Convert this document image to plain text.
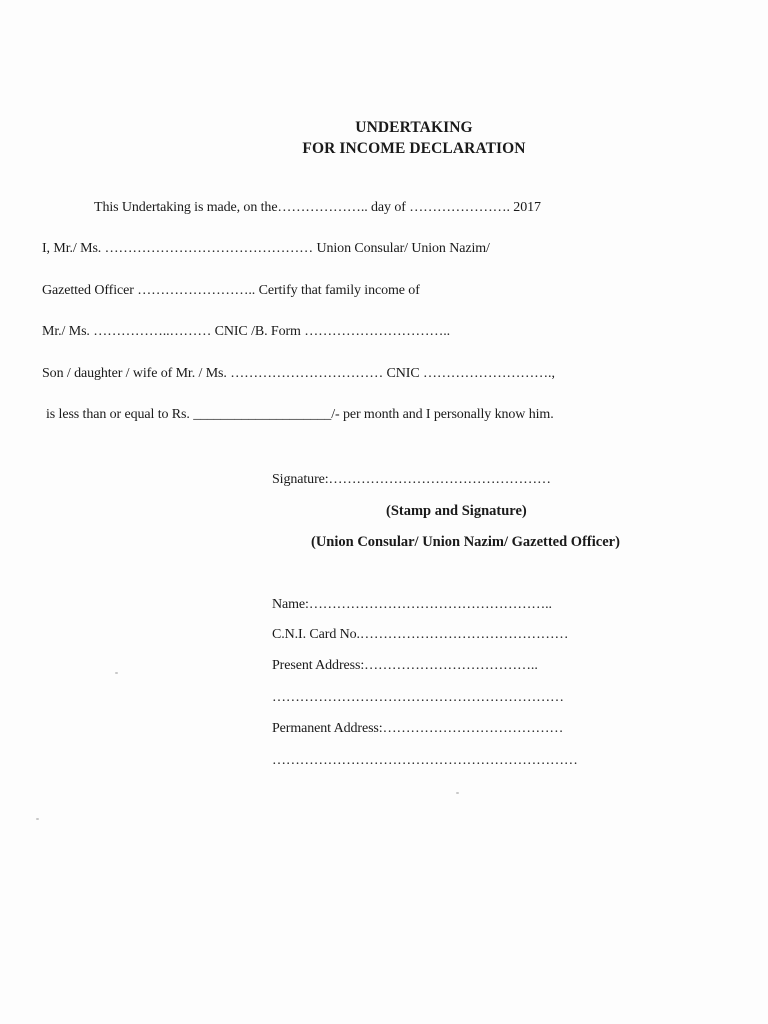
UNDERTAKING
FOR INCOME DECLARATION
This Undertaking is made, on the……………….. day of …………………. 2017
I, Mr./ Ms. ……………………………………… Union Consular/ Union Nazim/
Gazetted Officer …………………….. Certify that family income of
Mr./ Ms. ……………..……… CNIC /B. Form …………………………..
Son / daughter / wife of Mr. / Ms. …………………………… CNIC ……………………….,
is less than or equal to Rs. ____________________/- per month and I personally know him.
Signature:…………………………………………
(Stamp and Signature)
(Union Consular/ Union Nazim/ Gazetted Officer)
Name:……………………………………………..
C.N.I. Card No.………………………………………
Present Address:………………………………..
………………………………………………………
Permanent Address:…………………………………
…………………………………………………………
